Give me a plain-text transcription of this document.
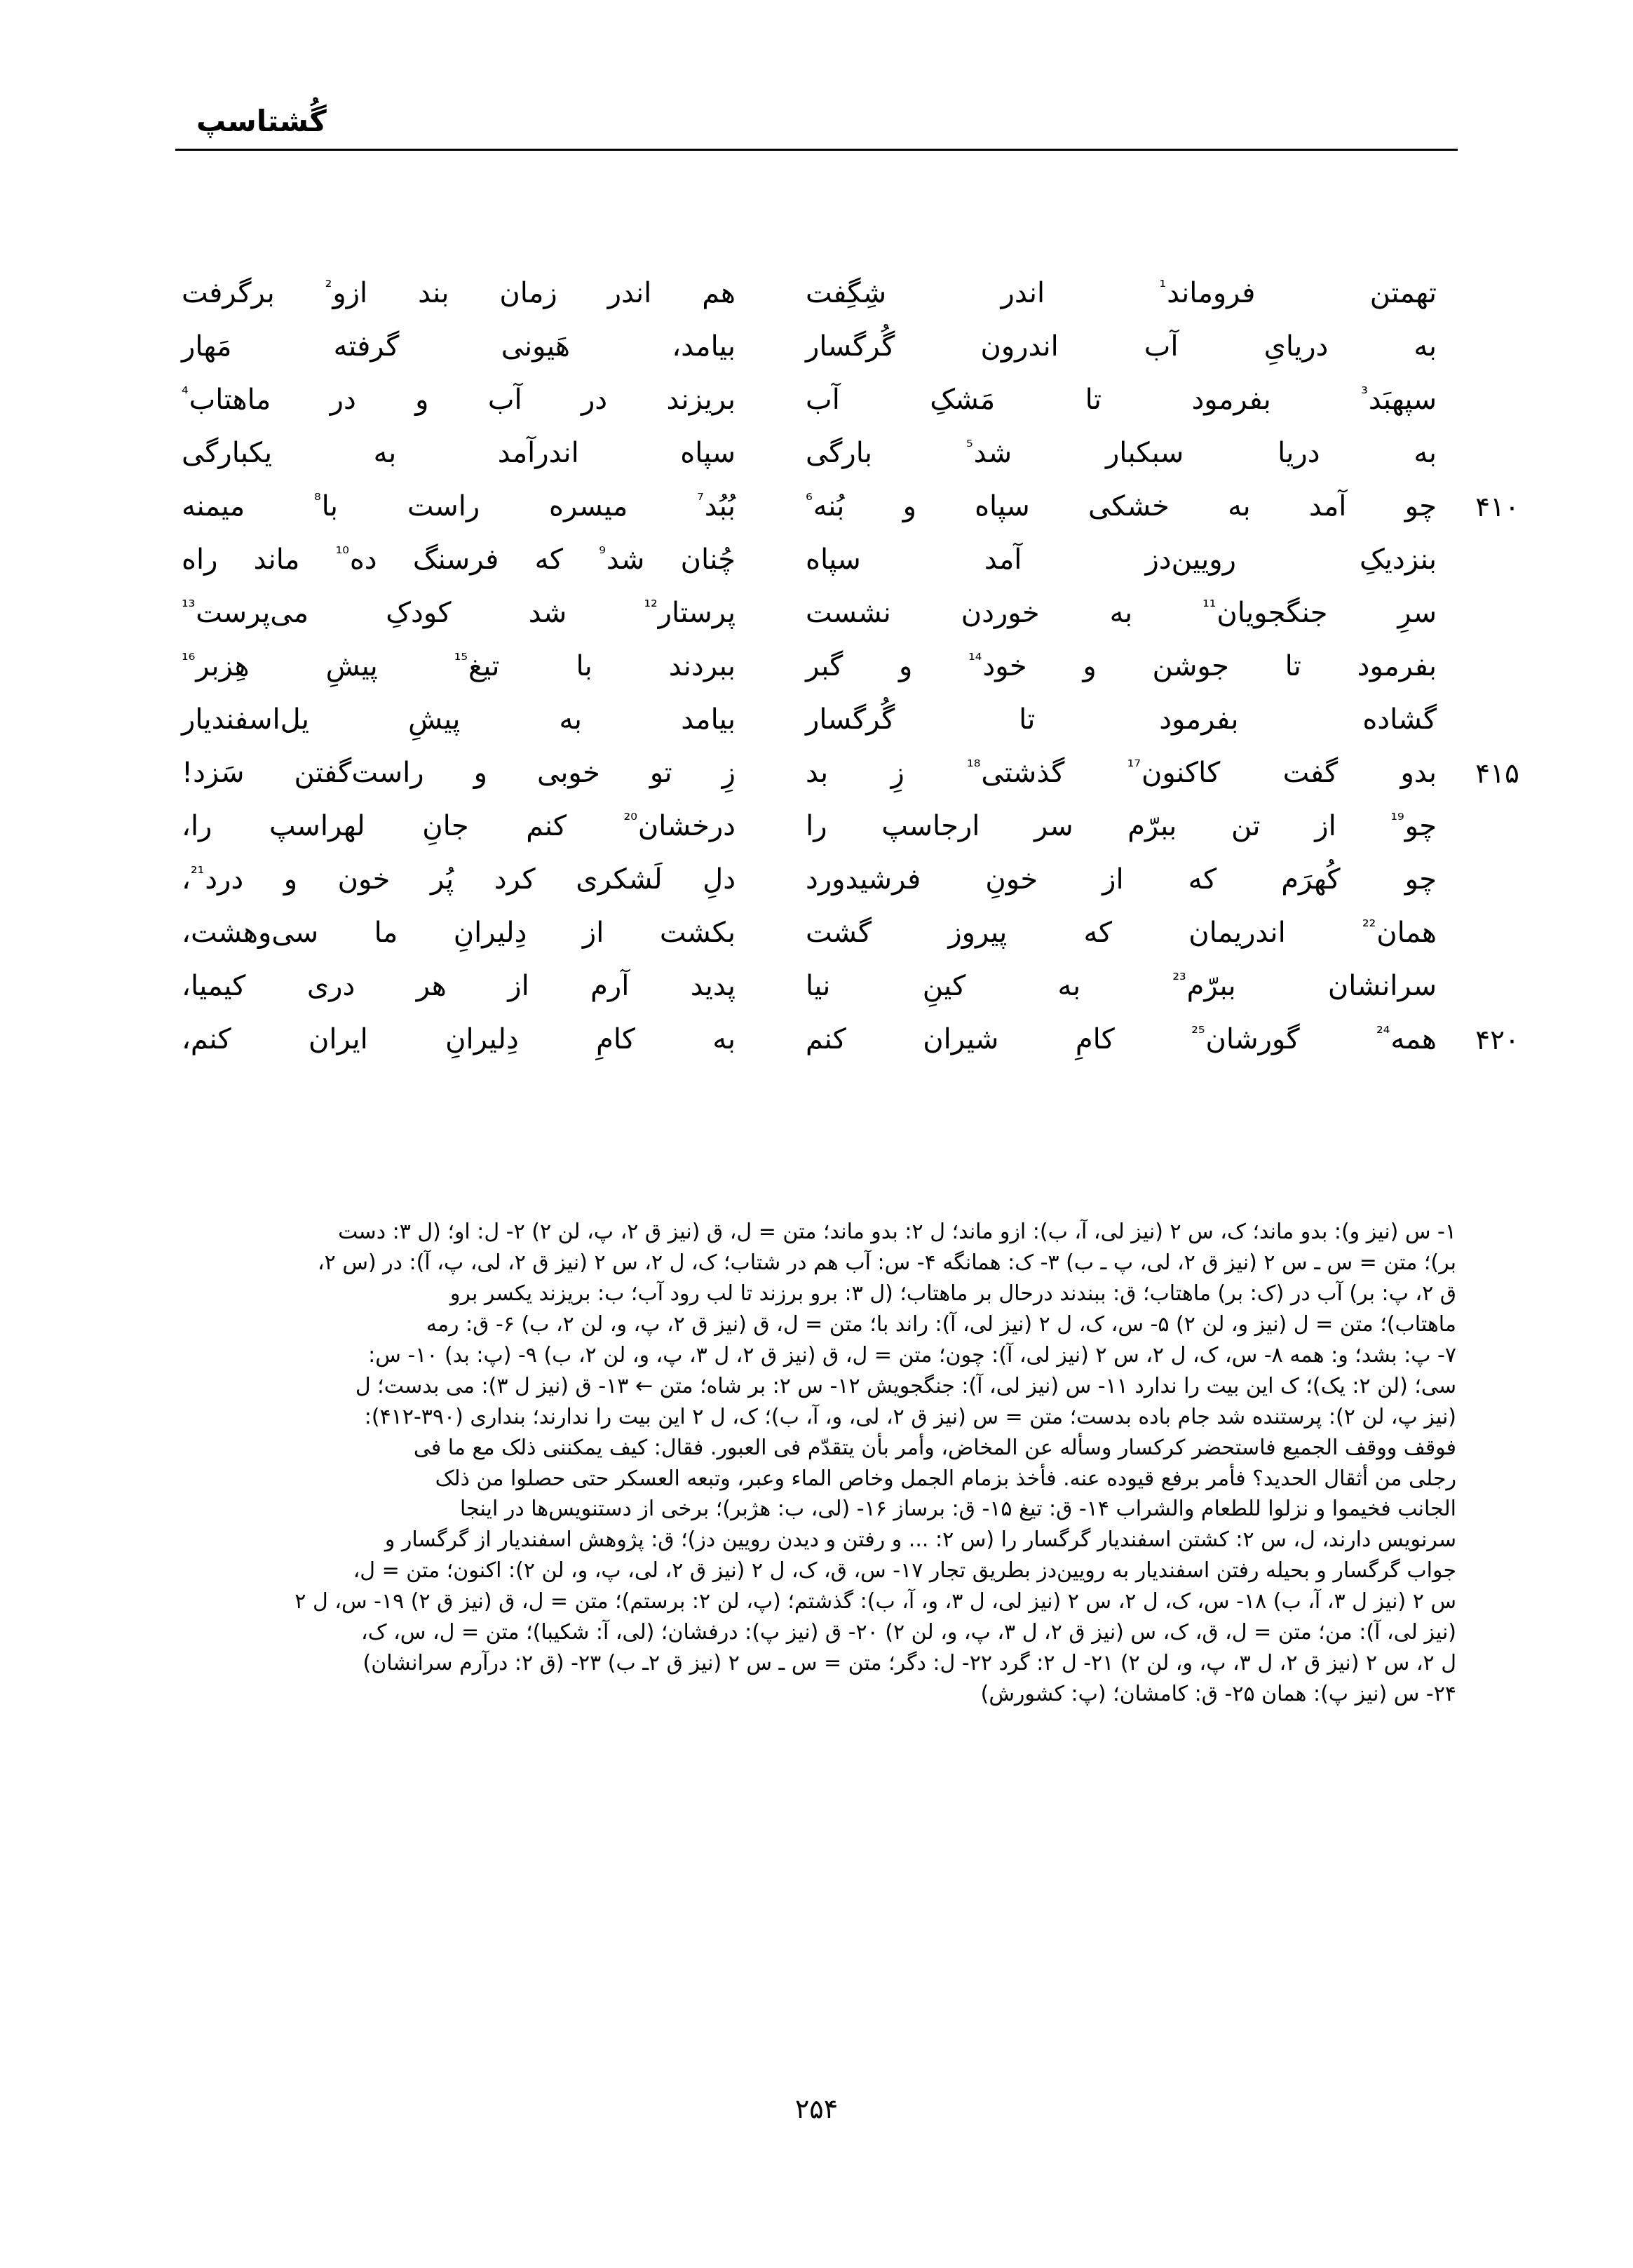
گُشتاسپ
تهمتن
فروماند$^{^1}$
اندر
شِگِفت
هم
اندر
زمان
بند
ازو$^{^2}$
برگرفت
به
دریایِ
آب
اندرون
گُرگسار
بیامد،
هَیونی
گرفته
مَهار
سپهبَد$^{^3}$
بفرمود
تا
مَشکِ
آب
بریزند
در
آب
و
در
ماهتاب$^{^4}$
به
دریا
سبکبار
شد$^{^5}$
بارگی
سپاه
اندرآمد
به
یکبارگی
۴۱۰
چو
آمد
به
خشکی
سپاه
و
بُنه$^{^6}$
بُبُد$^{^7}$
میسره
راست
با$^{^8}$
میمنه
بنزدیکِ
رویین‌دز
آمد
سپاه
چُنان
شد$^{^9}$
که
فرسنگ
ده$^{^{10}}$
ماند
راه
سرِ
جنگجویان$^{^{11}}$
به
خوردن
نشست
پرستار$^{^{12}}$
شد
کودکِ
می‌پرست$^{^{13}}$
بفرمود
تا
جوشن
و
خود$^{^{14}}$
و
گبر
ببردند
با
تیغ$^{^{15}}$
پیشِ
هِزبر$^{^{16}}$
گشاده
بفرمود
تا
گُرگسار
بیامد
به
پیشِ
یل‌اسفندیار
۴۱۵
بدو
گفت
کاکنون$^{^{17}}$
گذشتی$^{^{18}}$
زِ
بد
زِ
تو
خوبی
و
راست‌گفتن
سَزد!
چو$^{^{19}}$
از
تن
ببرّم
سر
ارجاسپ
را
درخشان$^{^{20}}$
کنم
جانِ
لهراسپ
را،
چو
کُهرَم
که
از
خونِ
فرشیدورد
دلِ
لَشکری
کرد
پُر
خون
و
درد$^{^{21}}$،
همان$^{^{22}}$
اندریمان
که
پیروز
گشت
بکشت
از
دِلیرانِ
ما
سی‌وهشت،
سرانشان
ببرّم$^{^{23}}$
به
کینِ
نیا
پدید
آرم
از
هر
دری
کیمیا،
۴۲۰
همه$^{^{24}}$
گورشان$^{^{25}}$
کامِ
شیران
کنم
به
کامِ
دِلیرانِ
ایران
کنم،

۱- س (نیز و): بدو ماند؛ ک، س ۲ (نیز لی، آ، ب): ازو ماند؛ ل ۲: بدو ماند؛ متن = ل، ق (نیز ق ۲، پ، لن ۲) ۲- ل: او؛ (ل ۳: دست
بر)؛ متن = س ـ س ۲ (نیز ق ۲، لی، پ ـ ب) ۳- ک: همانگه ۴- س: آب هم در شتاب؛ ک، ل ۲، س ۲ (نیز ق ۲، لی، پ، آ): در (س ۲،
ق ۲، پ: بر) آب در (ک: بر) ماهتاب؛ ق: ببندند درحال بر ماهتاب؛ (ل ۳: برو برزند تا لب رود آب؛ ب: بریزند یکسر برو
ماهتاب)؛ متن = ل (نیز و، لن ۲) ۵- س، ک، ل ۲ (نیز لی، آ): راند با؛ متن = ل، ق (نیز ق ۲، پ، و، لن ۲، ب) ۶- ق: رمه
۷- پ: بشد؛ و: همه ۸- س، ک، ل ۲، س ۲ (نیز لی، آ): چون؛ متن = ل، ق (نیز ق ۲، ل ۳، پ، و، لن ۲، ب) ۹- (پ: بد) ۱۰- س:
سی؛ (لن ۲: یک)؛ ک این بیت را ندارد ۱۱- س (نیز لی، آ): جنگجویش ۱۲- س ۲: بر شاه؛ متن ← ۱۳- ق (نیز ل ۳): می بدست؛ ل
(نیز پ، لن ۲): پرستنده شد جام باده بدست؛ متن = س (نیز ق ۲، لی، و، آ، ب)؛ ک، ل ۲ این بیت را ندارند؛ بنداری (۳۹۰-۴۱۲):
فوقف ووقف الجمیع فاستحضر کرکسار وسأله عن المخاض، وأمر بأن یتقدّم فی العبور. فقال: کیف یمکننی ذلک مع ما فی
رجلی من أثقال الحدید؟ فأمر برفع قیوده عنه. فأخذ بزمام الجمل وخاص الماء وعبر، وتبعه العسکر حتی حصلوا من ذلک
الجانب فخیموا و نزلوا للطعام والشراب ۱۴- ق: تیغ ۱۵- ق: برساز ۱۶- (لی، ب: هژبر)؛ برخی از دستنویس‌ها در اینجا
سرنویس دارند، ل، س ۲: کشتن اسفندیار گرگسار را (س ۲: ... و رفتن و دیدن رویین دز)؛ ق: پژوهش اسفندیار از گرگسار و
جواب گرگسار و بحیله رفتن اسفندیار به رویین‌دز بطریق تجار ۱۷- س، ق، ک، ل ۲ (نیز ق ۲، لی، پ، و، لن ۲): اکنون؛ متن = ل،
س ۲ (نیز ل ۳، آ، ب) ۱۸- س، ک، ل ۲، س ۲ (نیز لی، ل ۳، و، آ، ب): گذشتم؛ (پ، لن ۲: برستم)؛ متن = ل، ق (نیز ق ۲) ۱۹- س، ل ۲
(نیز لی، آ): من؛ متن = ل، ق، ک، س (نیز ق ۲، ل ۳، پ، و، لن ۲) ۲۰- ق (نیز پ): درفشان؛ (لی، آ: شکیبا)؛ متن = ل، س، ک،
ل ۲، س ۲ (نیز ق ۲، ل ۳، پ، و، لن ۲) ۲۱- ل ۲: گرد ۲۲- ل: دگر؛ متن = س ـ س ۲ (نیز ق ۲ـ ب) ۲۳- (ق ۲: درآرم سرانشان)
۲۴- س (نیز پ): همان ۲۵- ق: کامشان؛ (پ: کشورش)

۲۵۴
